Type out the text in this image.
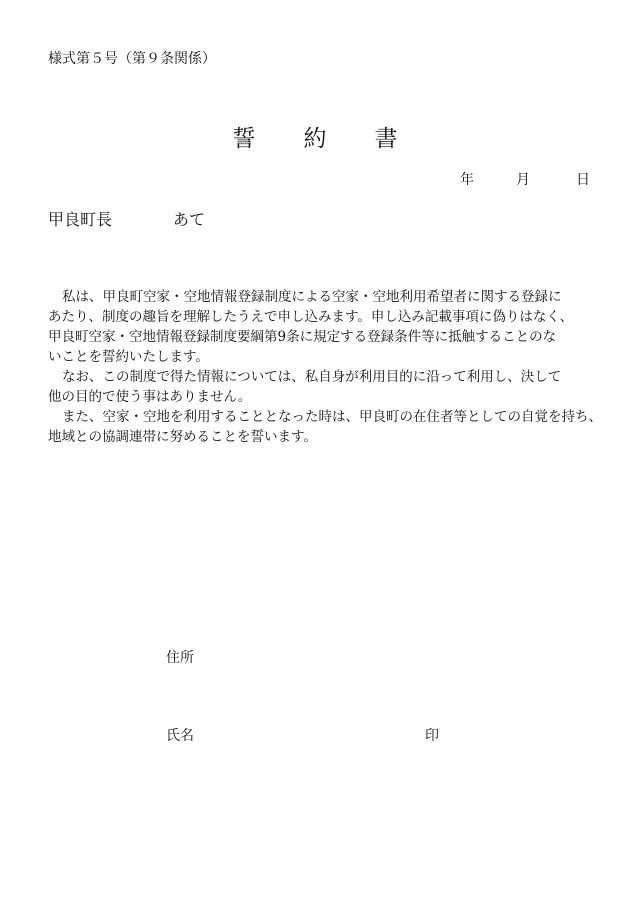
様式第５号（第９条関係）
誓 約 書
年	月	日
甲良町長	あて
私は、甲良町空家・空地情報登録制度による空家・空地利用希望者に関する登録に
あたり、制度の趣旨を理解したうえで申し込みます。申し込み記載事項に偽りはなく、
甲良町空家・空地情報登録制度要綱第9条に規定する登録条件等に抵触することのな
いことを誓約いたします。
なお、この制度で得た情報については、私自身が利用目的に沿って利用し、決して
他の目的で使う事はありません。
また、空家・空地を利用することとなった時は、甲良町の在住者等としての自覚を持ち、
地域との協調連帯に努めることを誓います。
住所
氏名	印
